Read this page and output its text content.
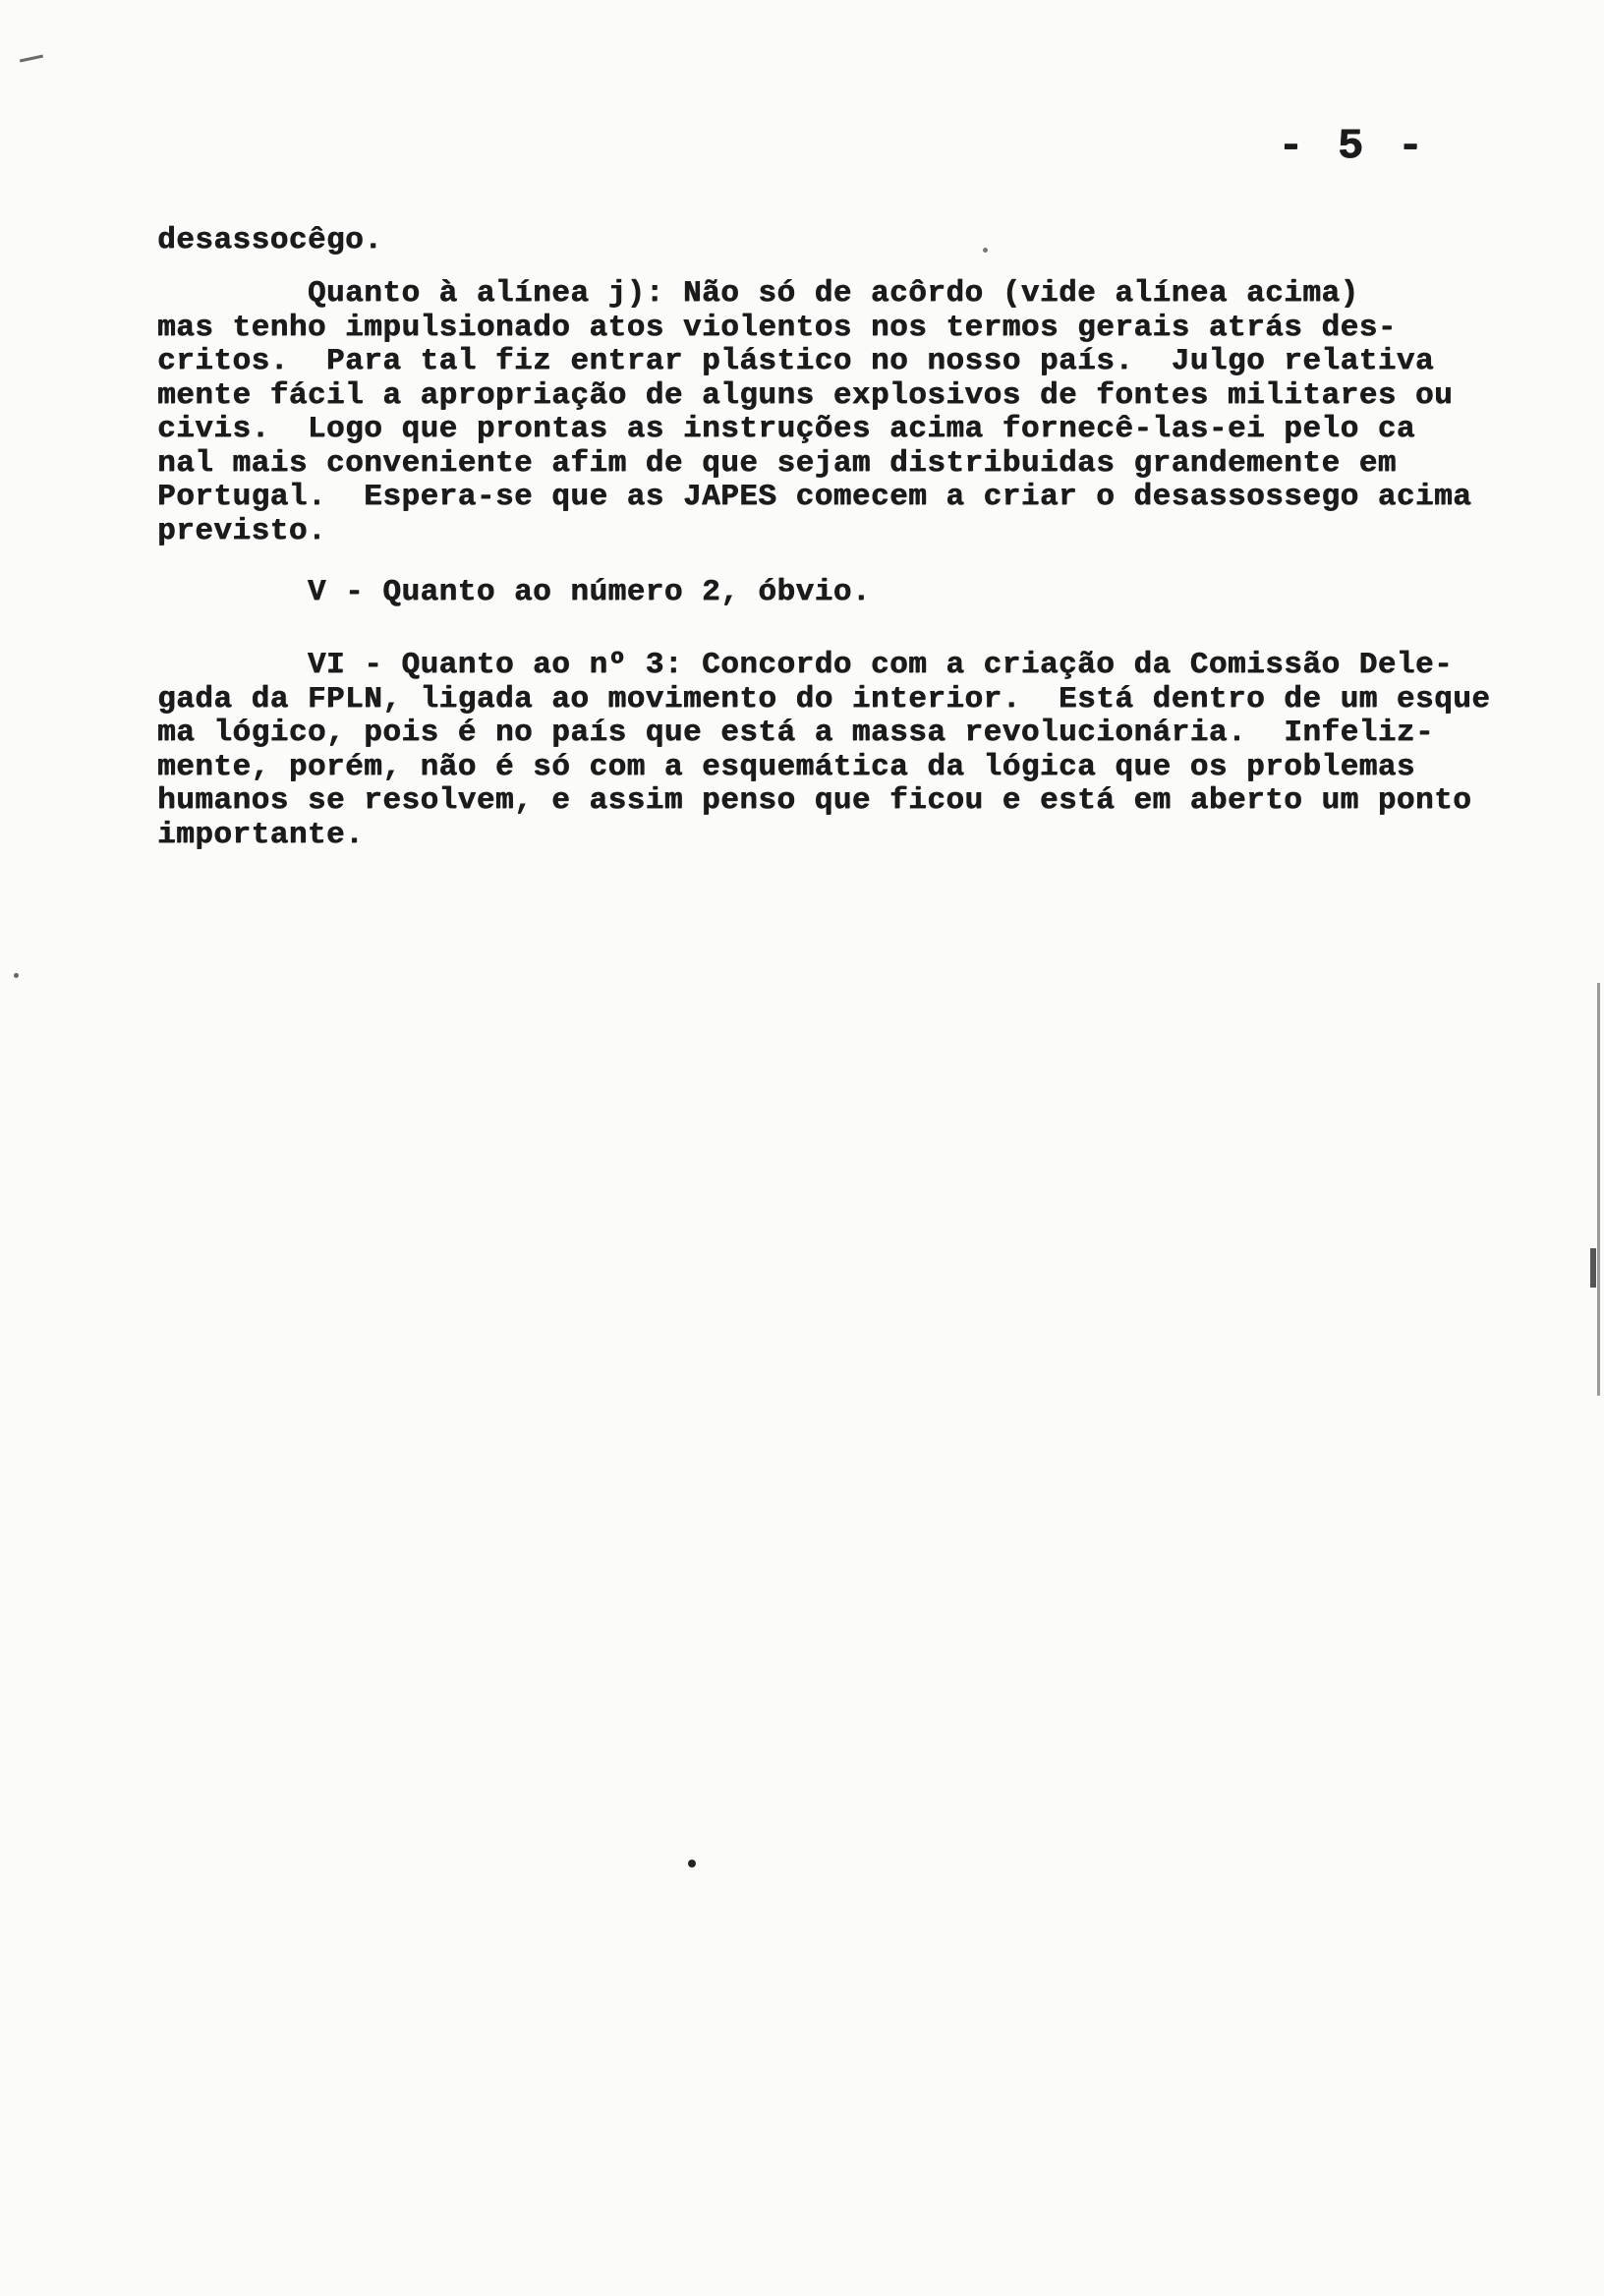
- 5 -
desassocêgo.
Quanto à alínea j): Não só de acôrdo (vide alínea acima)
mas tenho impulsionado atos violentos nos termos gerais atrás des-
critos.  Para tal fiz entrar plástico no nosso país.  Julgo relativa
mente fácil a apropriação de alguns explosivos de fontes militares ou
civis.  Logo que prontas as instruções acima fornecê-las-ei pelo ca
nal mais conveniente afim de que sejam distribuidas grandemente em
Portugal.  Espera-se que as JAPES comecem a criar o desassossego acima
previsto.
V - Quanto ao número 2, óbvio.
VI - Quanto ao nº 3: Concordo com a criação da Comissão Dele-
gada da FPLN, ligada ao movimento do interior.  Está dentro de um esque
ma lógico, pois é no país que está a massa revolucionária.  Infeliz-
mente, porém, não é só com a esquemática da lógica que os problemas
humanos se resolvem, e assim penso que ficou e está em aberto um ponto
importante.
